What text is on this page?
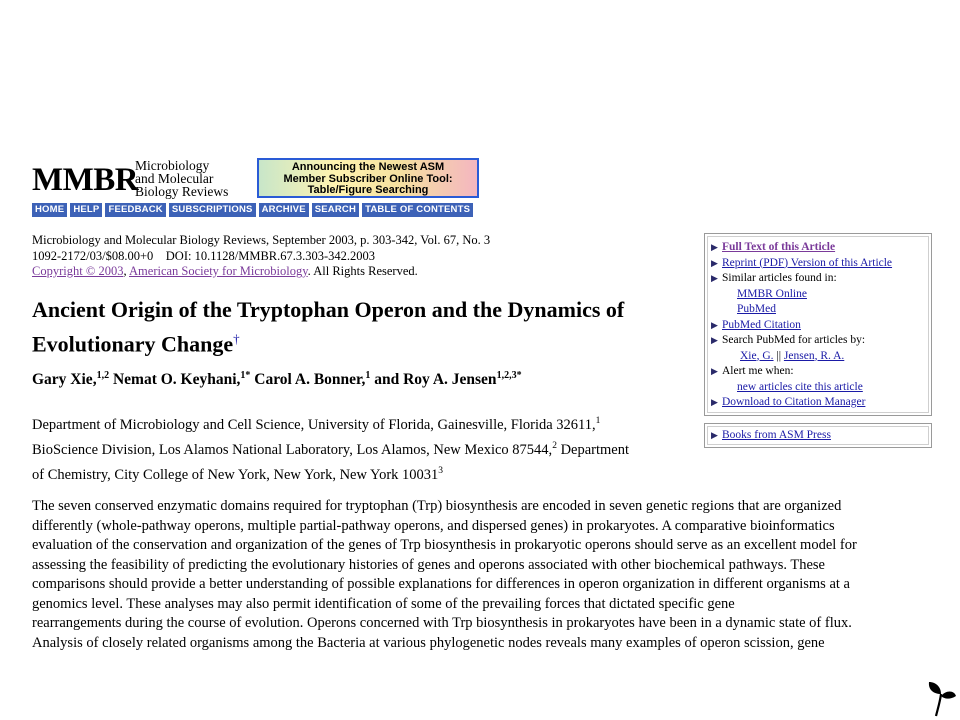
MMBR
Microbiology
and Molecular
Biology Reviews
Announcing the Newest ASM
Member Subscriber Online Tool:
Table/Figure Searching
HOME HELP FEEDBACK SUBSCRIPTIONS ARCHIVE SEARCH TABLE OF CONTENTS
Microbiology and Molecular Biology Reviews, September 2003, p. 303-342, Vol. 67, No. 3
1092-2172/03/$08.00+0    DOI: 10.1128/MMBR.67.3.303-342.2003
Copyright © 2003, American Society for Microbiology. All Rights Reserved.
Ancient Origin of the Tryptophan Operon and the Dynamics of
Evolutionary Change†
Gary Xie,$^{1,2}$ Nemat O. Keyhani,$^{1*}$ Carol A. Bonner,$^1$ and Roy A. Jensen$^{1,2,3*}$
Department of Microbiology and Cell Science, University of Florida, Gainesville, Florida 32611,$^1$
BioScience Division, Los Alamos National Laboratory, Los Alamos, New Mexico 87544,$^2$ Department
of Chemistry, City College of New York, New York, New York 10031$^3$
The seven conserved enzymatic domains required for tryptophan (Trp) biosynthesis are encoded in seven genetic regions that are organized
differently (whole-pathway operons, multiple partial-pathway operons, and dispersed genes) in prokaryotes. A comparative bioinformatics
evaluation of the conservation and organization of the genes of Trp biosynthesis in prokaryotic operons should serve as an excellent model for
assessing the feasibility of predicting the evolutionary histories of genes and operons associated with other biochemical pathways. These
comparisons should provide a better understanding of possible explanations for differences in operon organization in different organisms at a
genomics level. These analyses may also permit identification of some of the prevailing forces that dictated specific gene
rearrangements during the course of evolution. Operons concerned with Trp biosynthesis in prokaryotes have been in a dynamic state of flux.
Analysis of closely related organisms among the Bacteria at various phylogenetic nodes reveals many examples of operon scission, gene
▶ Full Text of this Article
▶ Reprint (PDF) Version of this Article
▶ Similar articles found in:
MMBR Online
PubMed
▶ PubMed Citation
▶ Search PubMed for articles by:
Xie, G. || Jensen, R. A.
▶ Alert me when:
new articles cite this article
▶ Download to Citation Manager
▶ Books from ASM Press
